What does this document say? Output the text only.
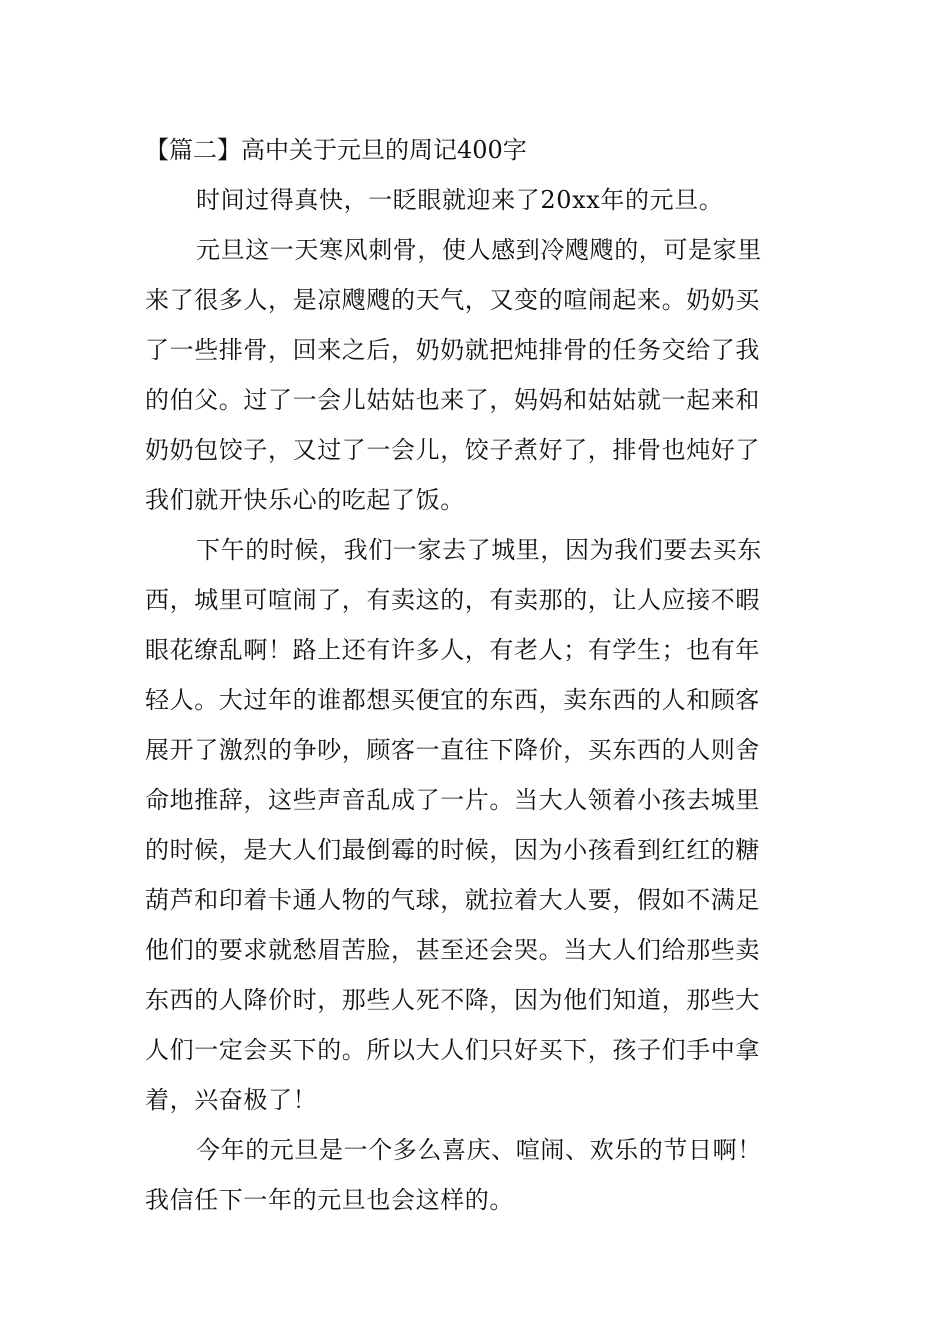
【篇二】高中关于元旦的周记400字
时间过得真快，一眨眼就迎来了20xx年的元旦。
元旦这一天寒风刺骨，使人感到冷飕飕的，可是家里
来了很多人，是凉飕飕的天气，又变的喧闹起来。奶奶买
了一些排骨，回来之后，奶奶就把炖排骨的任务交给了我
的伯父。过了一会儿姑姑也来了，妈妈和姑姑就一起来和
奶奶包饺子，又过了一会儿，饺子煮好了，排骨也炖好了
我们就开快乐心的吃起了饭。
下午的时候，我们一家去了城里，因为我们要去买东
西，城里可喧闹了，有卖这的，有卖那的，让人应接不暇
眼花缭乱啊！路上还有许多人，有老人；有学生；也有年
轻人。大过年的谁都想买便宜的东西，卖东西的人和顾客
展开了激烈的争吵，顾客一直往下降价，买东西的人则舍
命地推辞，这些声音乱成了一片。当大人领着小孩去城里
的时候，是大人们最倒霉的时候，因为小孩看到红红的糖
葫芦和印着卡通人物的气球，就拉着大人要，假如不满足
他们的要求就愁眉苦脸，甚至还会哭。当大人们给那些卖
东西的人降价时，那些人死不降，因为他们知道，那些大
人们一定会买下的。所以大人们只好买下，孩子们手中拿
着，兴奋极了！
今年的元旦是一个多么喜庆、喧闹、欢乐的节日啊！
我信任下一年的元旦也会这样的。
